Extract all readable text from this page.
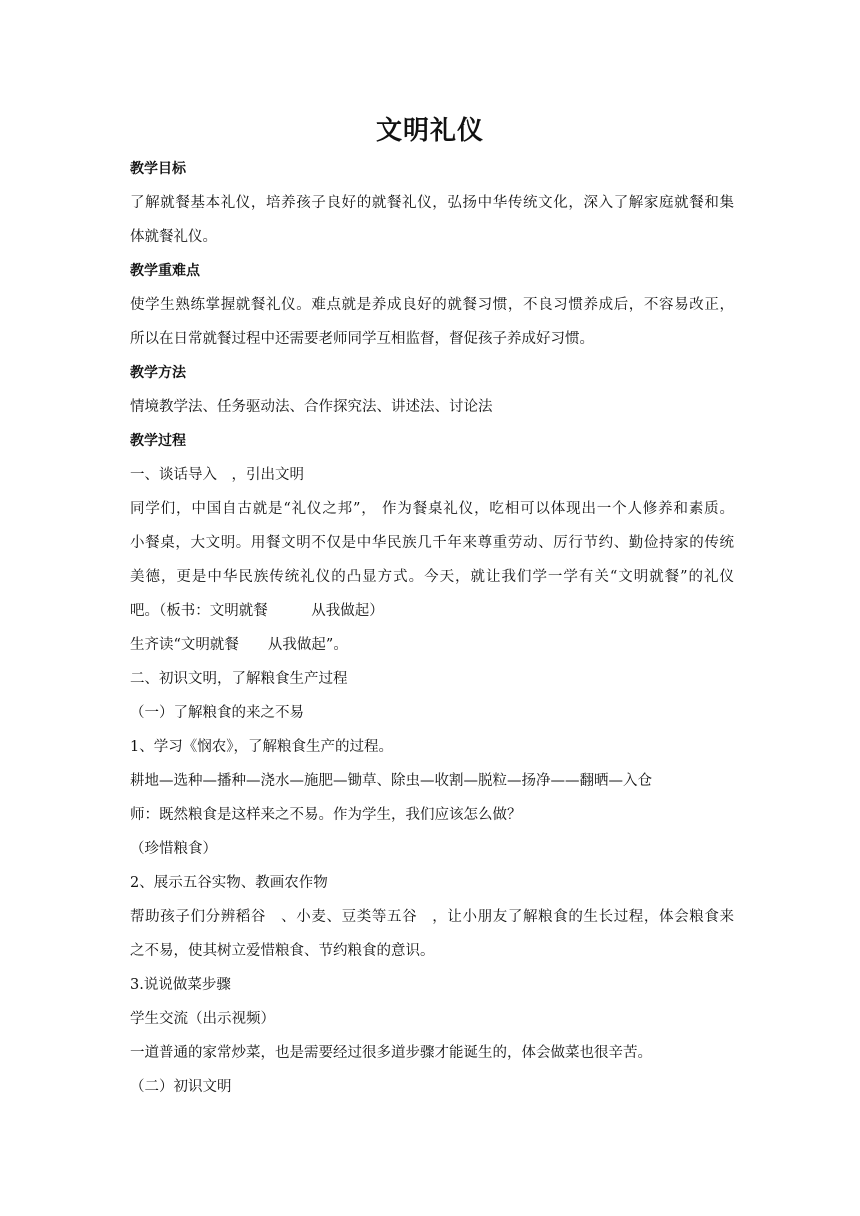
文明礼仪
教学目标
了解就餐基本礼仪，培养孩子良好的就餐礼仪，弘扬中华传统文化，深入了解家庭就餐和集
体就餐礼仪。
教学重难点
使学生熟练掌握就餐礼仪。难点就是养成良好的就餐习惯，不良习惯养成后，不容易改正，
所以在日常就餐过程中还需要老师同学互相监督，督促孩子养成好习惯。
教学方法
情境教学法、任务驱动法、合作探究法、讲述法、讨论法
教学过程
一、谈话导入　，引出文明
同学们，中国自古就是“礼仪之邦”， 作为餐桌礼仪，吃相可以体现出一个人修养和素质。
小餐桌，大文明。用餐文明不仅是中华民族几千年来尊重劳动、厉行节约、勤俭持家的传统
美德，更是中华民族传统礼仪的凸显方式。今天，就让我们学一学有关“文明就餐”的礼仪
吧。（板书：文明就餐　　　从我做起）
生齐读“文明就餐　　从我做起”。
二、初识文明，了解粮食生产过程
（一）了解粮食的来之不易
1、学习《悯农》，了解粮食生产的过程。
耕地—选种—播种—浇水—施肥—锄草、除虫—收割—脱粒—扬净——翻晒—入仓
师：既然粮食是这样来之不易。作为学生，我们应该怎么做？
（珍惜粮食）
2、展示五谷实物、教画农作物
帮助孩子们分辨稻谷　、小麦、豆类等五谷　，让小朋友了解粮食的生长过程，体会粮食来
之不易，使其树立爱惜粮食、节约粮食的意识。
3.说说做菜步骤
学生交流（出示视频）
一道普通的家常炒菜，也是需要经过很多道步骤才能诞生的，体会做菜也很辛苦。
（二）初识文明
